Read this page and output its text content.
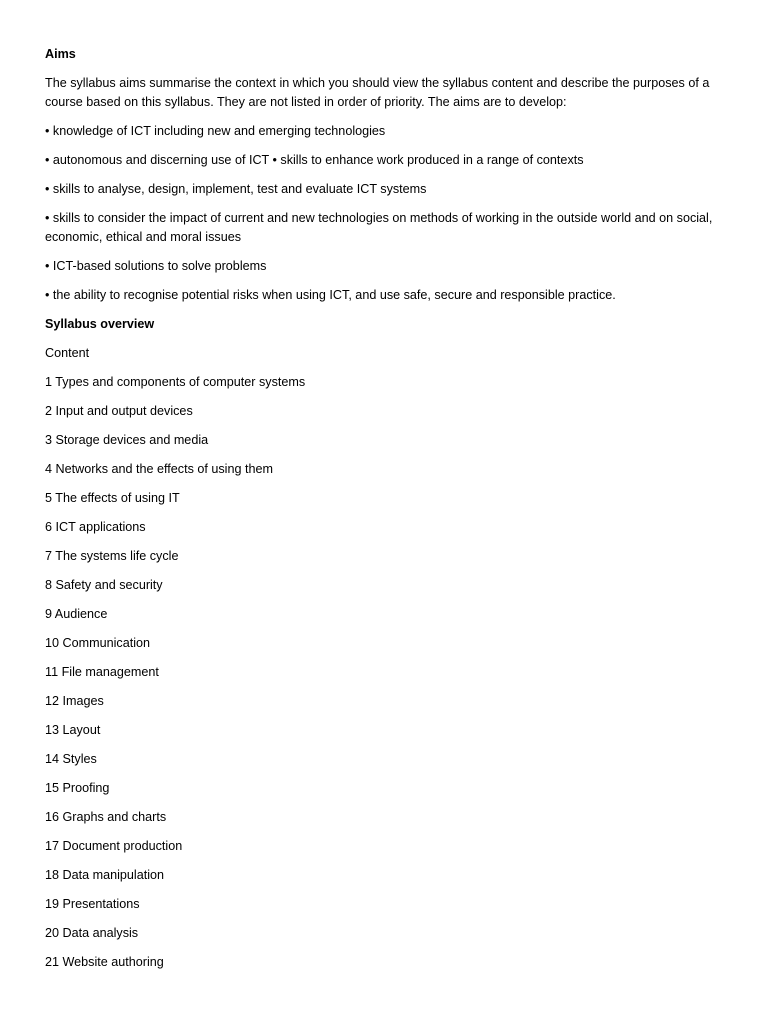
Aims
The syllabus aims summarise the context in which you should view the syllabus content and describe the purposes of a course based on this syllabus. They are not listed in order of priority. The aims are to develop:
• knowledge of ICT including new and emerging technologies
• autonomous and discerning use of ICT • skills to enhance work produced in a range of contexts
• skills to analyse, design, implement, test and evaluate ICT systems
• skills to consider the impact of current and new technologies on methods of working in the outside world and on social, economic, ethical and moral issues
• ICT-based solutions to solve problems
• the ability to recognise potential risks when using ICT, and use safe, secure and responsible practice.
Syllabus overview
Content
1 Types and components of computer systems
2 Input and output devices
3 Storage devices and media
4 Networks and the effects of using them
5 The effects of using IT
6 ICT applications
7 The systems life cycle
8 Safety and security
9 Audience
10 Communication
11 File management
12 Images
13 Layout
14 Styles
15 Proofing
16 Graphs and charts
17 Document production
18 Data manipulation
19 Presentations
20 Data analysis
21 Website authoring
